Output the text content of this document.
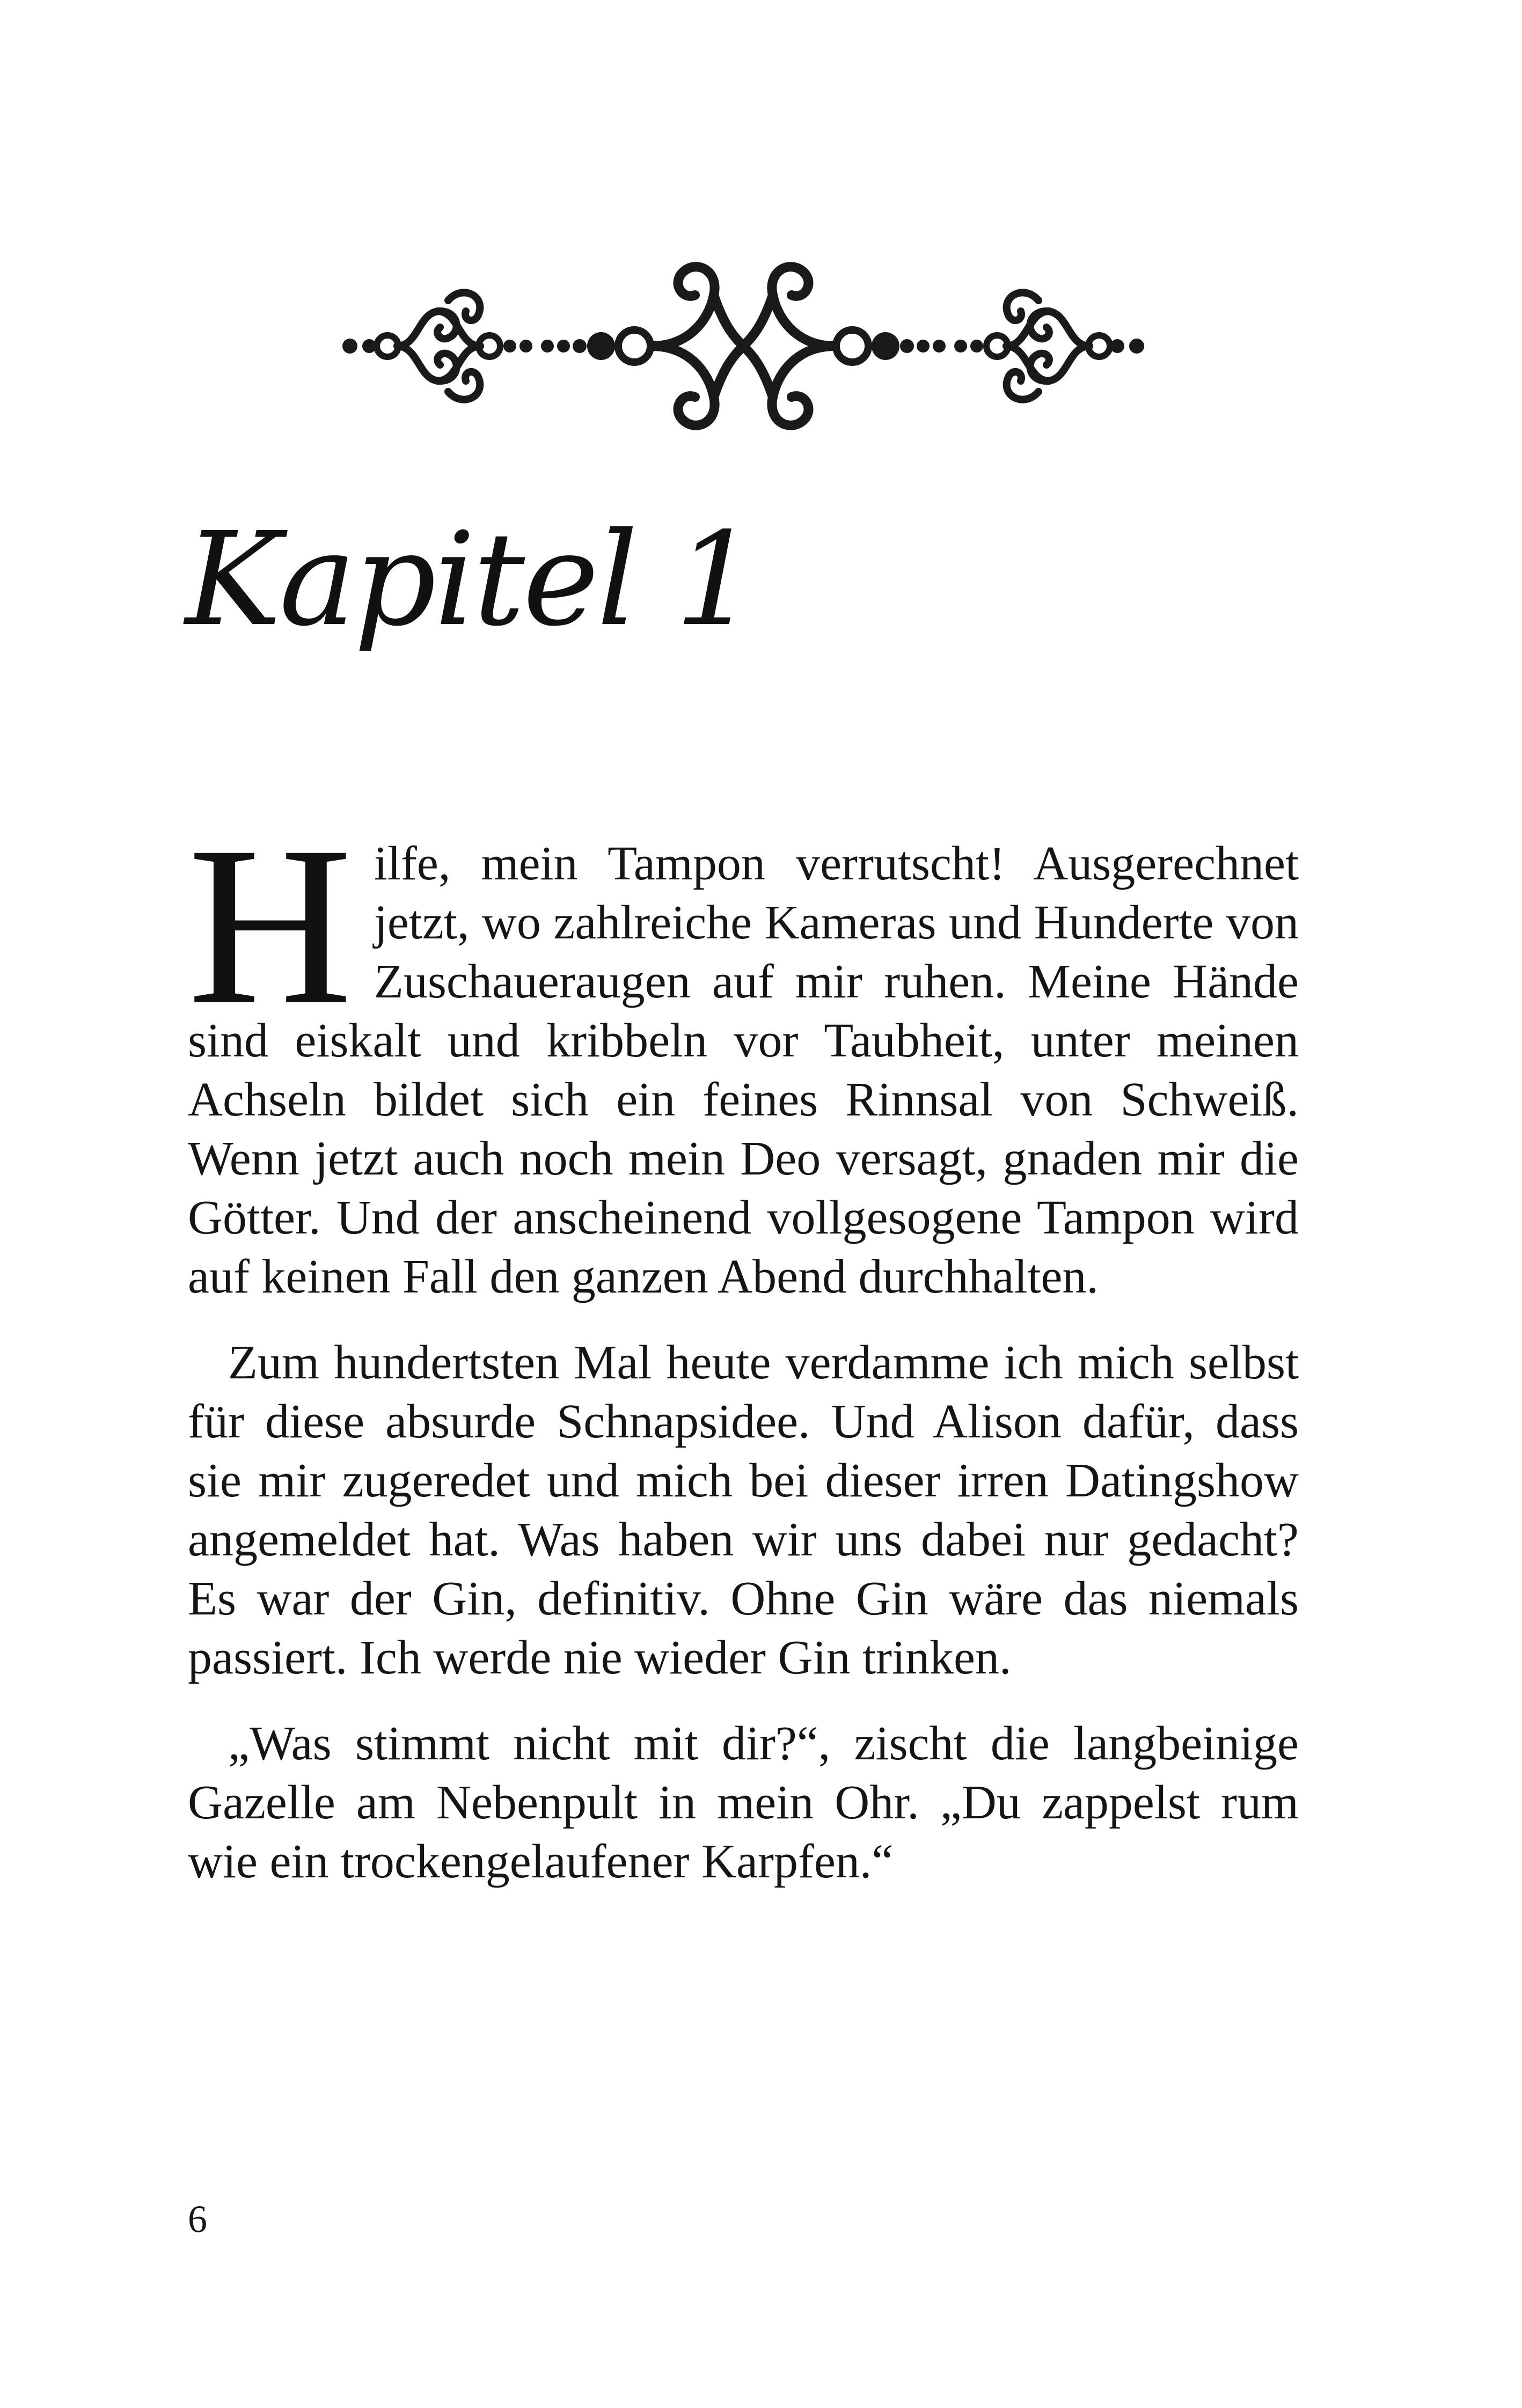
Kapitel 1

Hilfe, mein Tampon verrutscht! Ausgerechnet jetzt, wo zahlreiche Kameras und Hunderte von Zuschaueraugen auf mir ruhen. Meine Hände sind eiskalt und kribbeln vor Taubheit, unter meinen Achseln bildet sich ein feines Rinnsal von Schweiß. Wenn jetzt auch noch mein Deo versagt, gnaden mir die Götter. Und der anscheinend vollgesogene Tampon wird auf keinen Fall den ganzen Abend durchhalten.

Zum hundertsten Mal heute verdamme ich mich selbst für diese absurde Schnapsidee. Und Alison dafür, dass sie mir zugeredet und mich bei dieser irren Datingshow angemeldet hat. Was haben wir uns dabei nur gedacht? Es war der Gin, definitiv. Ohne Gin wäre das niemals passiert. Ich werde nie wieder Gin trinken.

„Was stimmt nicht mit dir?“, zischt die langbeinige Gazelle am Nebenpult in mein Ohr. „Du zappelst rum wie ein trockengelaufener Karpfen.“

6
